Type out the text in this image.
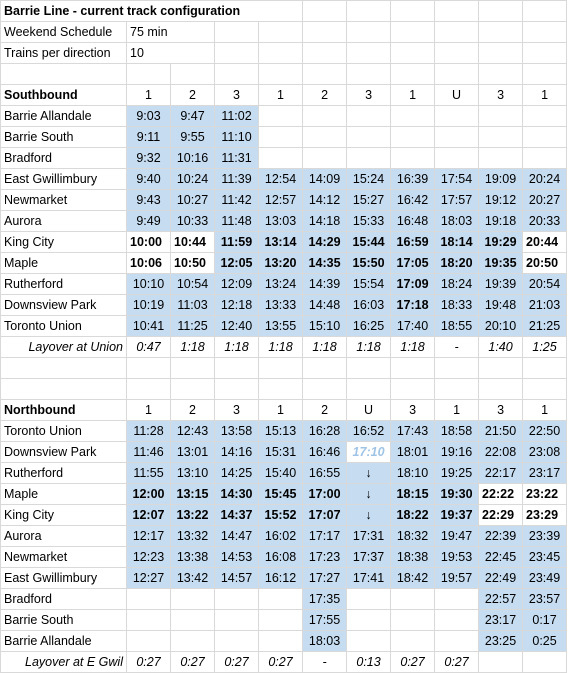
Barrie Line - current track configuration										
Weekend Schedule	75 min									
Trains per direction	10									

Southbound	1	2	3	1	2	3	1	U	3	1
Barrie Allandale	9:03	9:47	11:02							
Barrie South	9:11	9:55	11:10							
Bradford	9:32	10:16	11:31							
East Gwillimbury	9:40	10:24	11:39	12:54	14:09	15:24	16:39	17:54	19:09	20:24
Newmarket	9:43	10:27	11:42	12:57	14:12	15:27	16:42	17:57	19:12	20:27
Aurora	9:49	10:33	11:48	13:03	14:18	15:33	16:48	18:03	19:18	20:33
King City	10:00	10:44	11:59	13:14	14:29	15:44	16:59	18:14	19:29	20:44
Maple	10:06	10:50	12:05	13:20	14:35	15:50	17:05	18:20	19:35	20:50
Rutherford	10:10	10:54	12:09	13:24	14:39	15:54	17:09	18:24	19:39	20:54
Downsview Park	10:19	11:03	12:18	13:33	14:48	16:03	17:18	18:33	19:48	21:03
Toronto Union	10:41	11:25	12:40	13:55	15:10	16:25	17:40	18:55	20:10	21:25
Layover at Union	0:47	1:18	1:18	1:18	1:18	1:18	1:18	-	1:40	1:25

Northbound	1	2	3	1	2	U	3	1	3	1
Toronto Union	11:28	12:43	13:58	15:13	16:28	16:52	17:43	18:58	21:50	22:50
Downsview Park	11:46	13:01	14:16	15:31	16:46	17:10	18:01	19:16	22:08	23:08
Rutherford	11:55	13:10	14:25	15:40	16:55	↓	18:10	19:25	22:17	23:17
Maple	12:00	13:15	14:30	15:45	17:00	↓	18:15	19:30	22:22	23:22
King City	12:07	13:22	14:37	15:52	17:07	↓	18:22	19:37	22:29	23:29
Aurora	12:17	13:32	14:47	16:02	17:17	17:31	18:32	19:47	22:39	23:39
Newmarket	12:23	13:38	14:53	16:08	17:23	17:37	18:38	19:53	22:45	23:45
East Gwillimbury	12:27	13:42	14:57	16:12	17:27	17:41	18:42	19:57	22:49	23:49
Bradford					17:35				22:57	23:57
Barrie South					17:55				23:17	0:17
Barrie Allandale					18:03				23:25	0:25
Layover at E Gwil	0:27	0:27	0:27	0:27	-	0:13	0:27	0:27		
